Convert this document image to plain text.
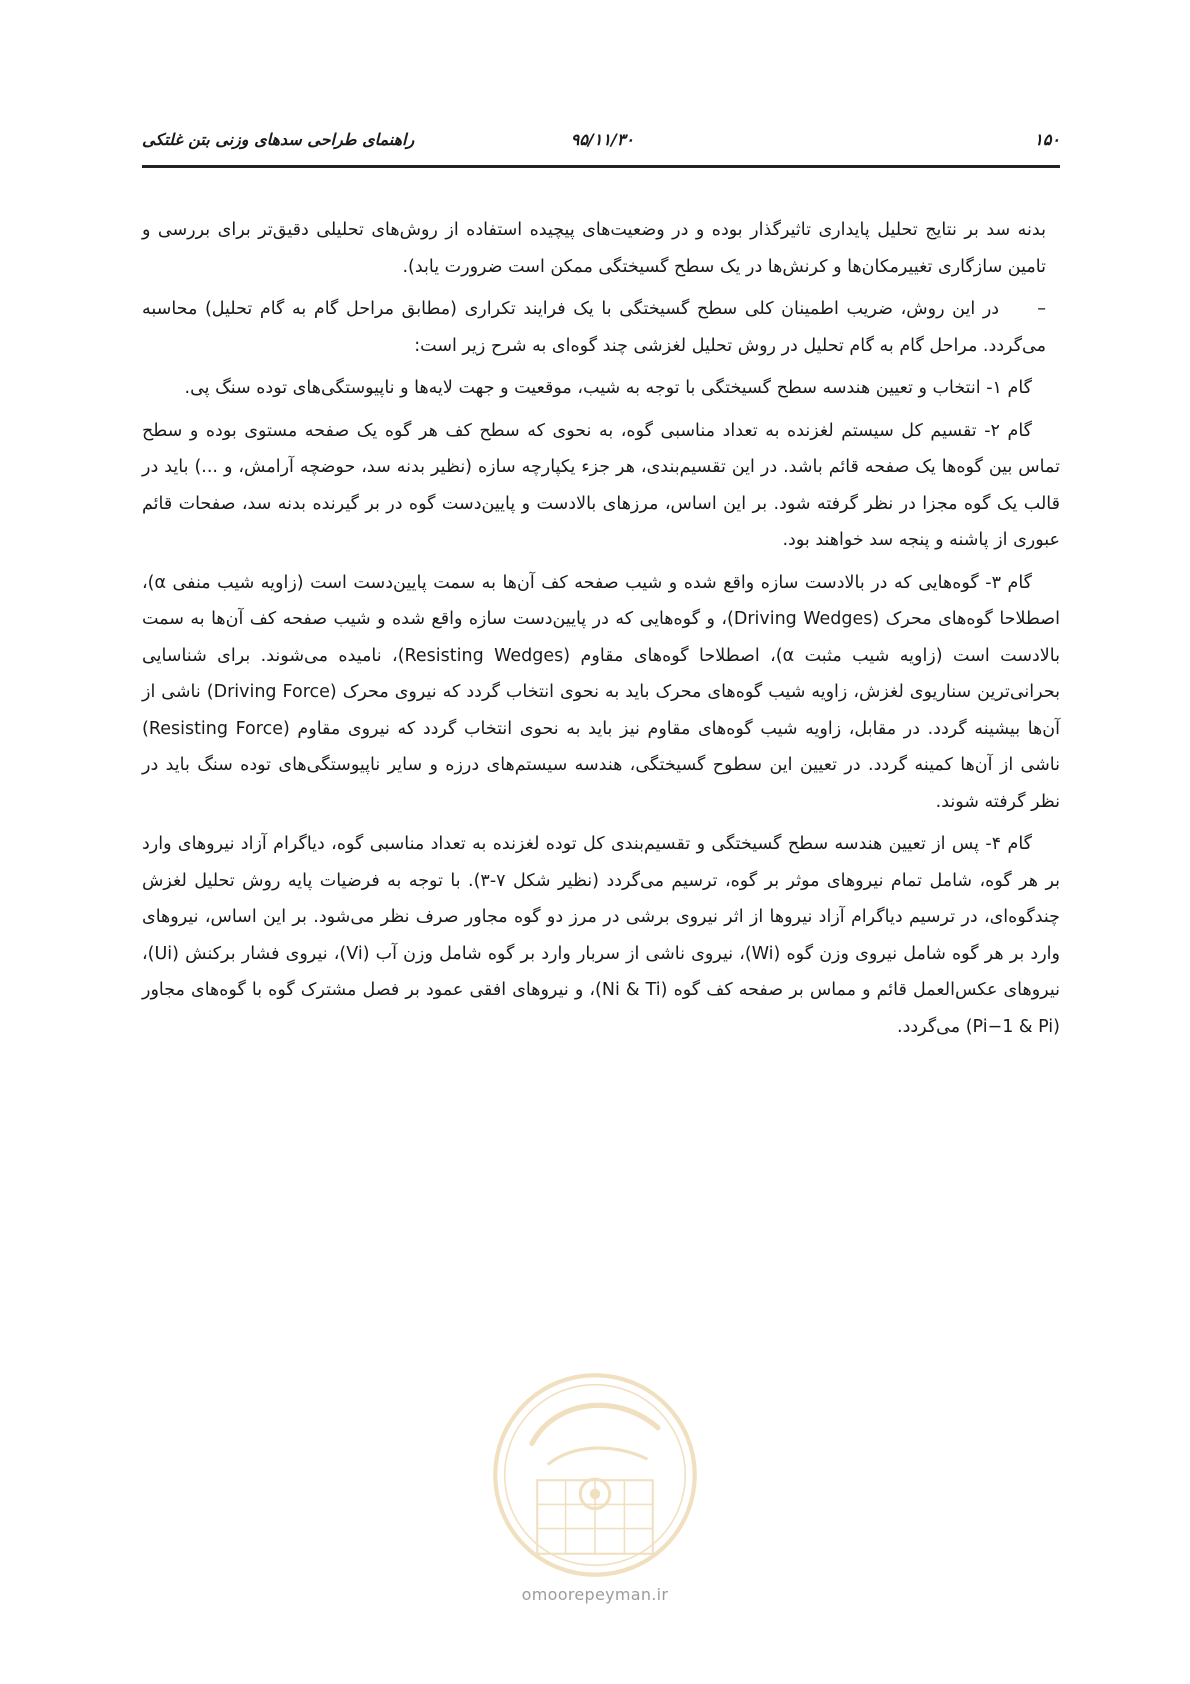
۱۵۰
۹۵/۱۱/۳۰
راهنمای طراحی سدهای وزنی بتن غلتکی

بدنه سد بر نتایج تحلیل پایداری تاثیرگذار بوده و در وضعیت‌های پیچیده استفاده از روش‌های تحلیلی دقیق‌تر برای بررسی و تامین سازگاری تغییرمکان‌ها و کرنش‌ها در یک سطح گسیختگی ممکن است ضرورت یابد).

–     در این روش، ضریب اطمینان کلی سطح گسیختگی با یک فرایند تکراری (مطابق مراحل گام به گام تحلیل) محاسبه می‌گردد. مراحل گام به گام تحلیل در روش تحلیل لغزشی چند گوه‌ای به شرح زیر است:

گام ۱- انتخاب و تعیین هندسه سطح گسیختگی با توجه به شیب، موقعیت و جهت لایه‌ها و ناپیوستگی‌های توده سنگ پی.

گام ۲- تقسیم کل سیستم لغزنده به تعداد مناسبی گوه، به نحوی که سطح کف هر گوه یک صفحه مستوی بوده و سطح تماس بین گوه‌ها یک صفحه قائم باشد. در این تقسیم‌بندی، هر جزء یکپارچه سازه (نظیر بدنه سد، حوضچه آرامش، و ...) باید در قالب یک گوه مجزا در نظر گرفته شود. بر این اساس، مرزهای بالادست و پایین‌دست گوه در بر گیرنده بدنه سد، صفحات قائم عبوری از پاشنه و پنجه سد خواهند بود.

گام ۳- گوه‌هایی که در بالادست سازه واقع شده و شیب صفحه کف آن‌ها به سمت پایین‌دست است (زاویه شیب منفی α)، اصطلاحا گوه‌های محرک (Driving Wedges)، و گوه‌هایی که در پایین‌دست سازه واقع شده و شیب صفحه کف آن‌ها به سمت بالادست است (زاویه شیب مثبت α)، اصطلاحا گوه‌های مقاوم (Resisting Wedges)، نامیده می‌شوند. برای شناسایی بحرانی‌ترین سناریوی لغزش، زاویه شیب گوه‌های محرک باید به نحوی انتخاب گردد که نیروی محرک (Driving Force) ناشی از آن‌ها بیشینه گردد. در مقابل، زاویه شیب گوه‌های مقاوم نیز باید به نحوی انتخاب گردد که نیروی مقاوم (Resisting Force) ناشی از آن‌ها کمینه گردد. در تعیین این سطوح گسیختگی، هندسه سیستم‌های درزه و سایر ناپیوستگی‌های توده سنگ باید در نظر گرفته شوند.

گام ۴- پس از تعیین هندسه سطح گسیختگی و تقسیم‌بندی کل توده لغزنده به تعداد مناسبی گوه، دیاگرام آزاد نیروهای وارد بر هر گوه، شامل تمام نیروهای موثر بر گوه، ترسیم می‌گردد (نظیر شکل ۷-۳). با توجه به فرضیات پایه روش تحلیل لغزش چندگوه‌ای، در ترسیم دیاگرام آزاد نیروها از اثر نیروی برشی در مرز دو گوه مجاور صرف نظر می‌شود. بر این اساس، نیروهای وارد بر هر گوه شامل نیروی وزن گوه (Wi)، نیروی ناشی از سربار وارد بر گوه شامل وزن آب (Vi)، نیروی فشار برکنش (Ui)، نیروهای عکس‌العمل قائم و مماس بر صفحه کف گوه (Ni & Ti)، و نیروهای افقی عمود بر فصل مشترک گوه با گوه‌های مجاور (Pi−1 & Pi) می‌گردد.

omoorepeyman.ir
